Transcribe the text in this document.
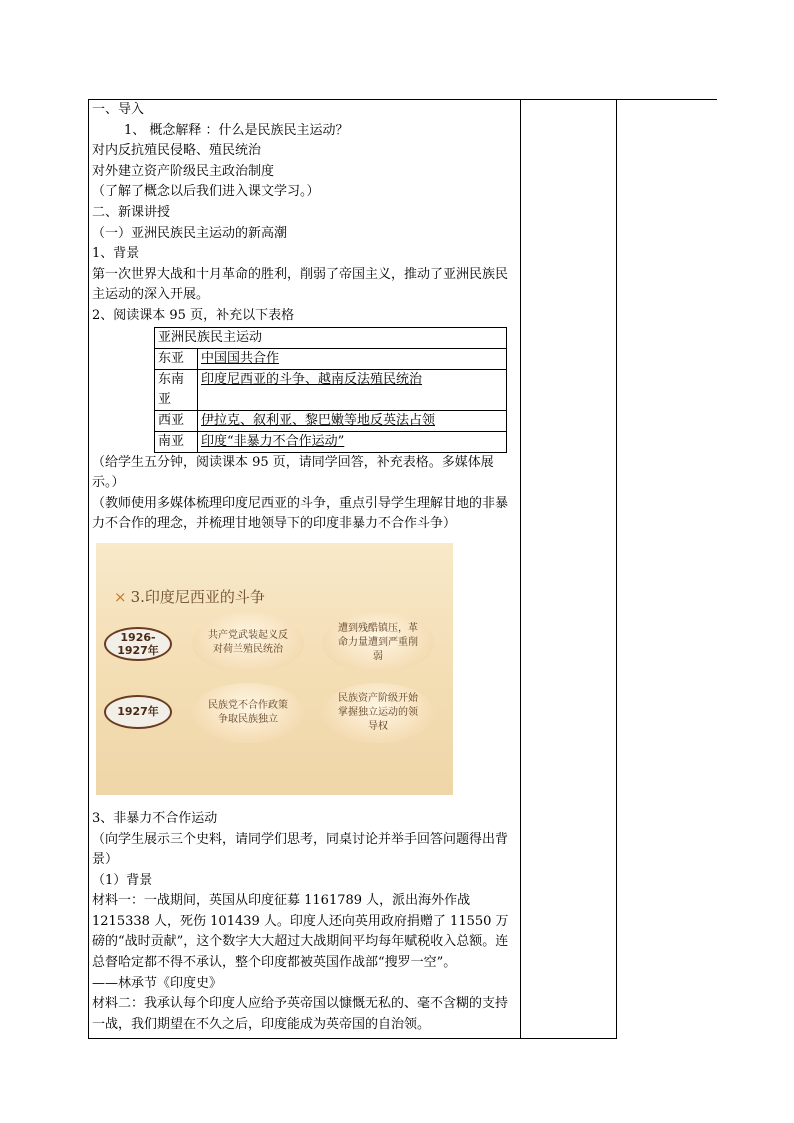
一、导入

1、 概念解释 ：什么是民族民主运动？

对内反抗殖民侵略、殖民统治

对外建立资产阶级民主政治制度

（了解了概念以后我们进入课文学习。）

二、新课讲授

（一）亚洲民族民主运动的新高潮

1、背景

第一次世界大战和十月革命的胜利，削弱了帝国主义，推动了亚洲民族民主运动的深入开展。

2、阅读课本 95 页，补充以下表格

亚洲民族民主运动	
东亚	中国国共合作
东南亚	印度尼西亚的斗争、越南反法殖民统治
西亚	伊拉克、叙利亚、黎巴嫩等地反英法占领
南亚	印度“非暴力不合作运动”

（给学生五分钟，阅读课本 95 页，请同学回答，补充表格。多媒体展示。）

（教师使用多媒体梳理印度尼西亚的斗争，重点引导学生理解甘地的非暴力不合作的理念，并梳理甘地领导下的印度非暴力不合作斗争）

× 3.印度尼西亚的斗争
1926-1927年
共产党武装起义反对荷兰殖民统治
遭到残酷镇压，革命力量遭到严重削弱
1927年	民族党不合作政策争取民族独立
民族资产阶级开始掌握独立运动的领导权

3、非暴力不合作运动

（向学生展示三个史料，请同学们思考，同桌讨论并举手回答问题得出背景）

（1）背景

材料一：一战期间，英国从印度征募 1161789 人，派出海外作战 1215338 人，死伤 101439 人。印度人还向英用政府捐赠了 11550 万磅的“战时贡献”，这个数字大大超过大战期间平均每年赋税收入总额。连总督哈定都不得不承认，整个印度都被英国作战部“搜罗一空”。

——林承节《印度史》

材料二：我承认每个印度人应给予英帝国以慷慨无私的、毫不含糊的支持一战，我们期望在不久之后，印度能成为英帝国的自治领。
